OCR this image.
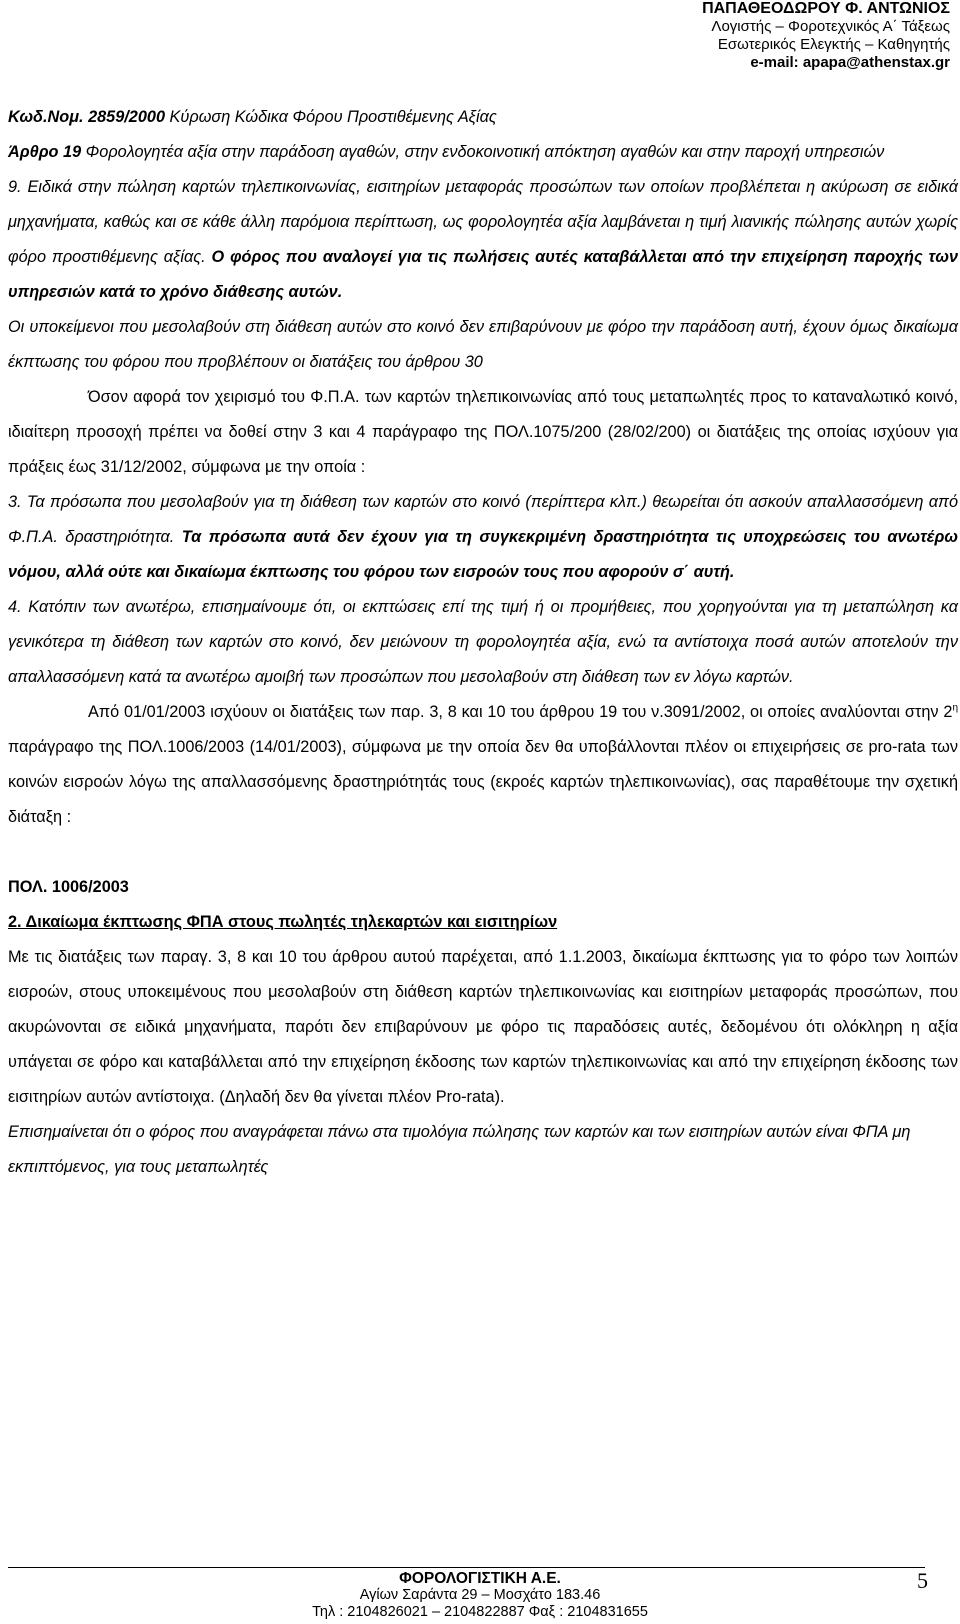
ΠΑΠΑΘΕΟΔΩΡΟΥ Φ. ΑΝΤΩΝΙΟΣ
Λογιστής – Φοροτεχνικός Α΄ Τάξεως
Εσωτερικός Ελεγκτής – Καθηγητής
e-mail: apapa@athenstax.gr

Κωδ.Νομ. 2859/2000 Κύρωση Κώδικα Φόρου Προστιθέμενης Αξίας

Άρθρο 19 Φορολογητέα αξία στην παράδοση αγαθών, στην ενδοκοινοτική απόκτηση αγαθών και στην παροχή υπηρεσιών

9. Ειδικά στην πώληση καρτών τηλεπικοινωνίας, εισιτηρίων μεταφοράς προσώπων των οποίων προβλέπεται η ακύρωση σε ειδικά μηχανήματα, καθώς και σε κάθε άλλη παρόμοια περίπτωση, ως φορολογητέα αξία λαμβάνεται η τιμή λιανικής πώλησης αυτών χωρίς φόρο προστιθέμενης αξίας. Ο φόρος που αναλογεί για τις πωλήσεις αυτές καταβάλλεται από την επιχείρηση παροχής των υπηρεσιών κατά το χρόνο διάθεσης αυτών.

Οι υποκείμενοι που μεσολαβούν στη διάθεση αυτών στο κοινό δεν επιβαρύνουν με φόρο την παράδοση αυτή, έχουν όμως δικαίωμα έκπτωσης του φόρου που προβλέπουν οι διατάξεις του άρθρου 30

Όσον αφορά τον χειρισμό του Φ.Π.Α. των καρτών τηλεπικοινωνίας από τους μεταπωλητές προς το καταναλωτικό κοινό, ιδιαίτερη προσοχή πρέπει να δοθεί στην 3 και 4 παράγραφο της ΠΟΛ.1075/200 (28/02/200) οι διατάξεις της οποίας ισχύουν για πράξεις έως 31/12/2002, σύμφωνα με την οποία :

3. Τα πρόσωπα που μεσολαβούν για τη διάθεση των καρτών στο κοινό (περίπτερα κλπ.) θεωρείται ότι ασκούν απαλλασσόμενη από Φ.Π.Α. δραστηριότητα. Τα πρόσωπα αυτά δεν έχουν για τη συγκεκριμένη δραστηριότητα τις υποχρεώσεις του ανωτέρω νόμου, αλλά ούτε και δικαίωμα έκπτωσης του φόρου των εισροών τους που αφορούν σ΄ αυτή.

4. Κατόπιν των ανωτέρω, επισημαίνουμε ότι, οι εκπτώσεις επί της τιμή ή οι προμήθειες, που χορηγούνται για τη μεταπώληση κα γενικότερα τη διάθεση των καρτών στο κοινό, δεν μειώνουν τη φορολογητέα αξία, ενώ τα αντίστοιχα ποσά αυτών αποτελούν την απαλλασσόμενη κατά τα ανωτέρω αμοιβή των προσώπων που μεσολαβούν στη διάθεση των εν λόγω καρτών.

Από 01/01/2003 ισχύουν οι διατάξεις των παρ. 3, 8 και 10 του άρθρου 19 του ν.3091/2002, οι οποίες αναλύονται στην $2^\eta$ παράγραφο της ΠΟΛ.1006/2003 (14/01/2003), σύμφωνα με την οποία δεν θα υποβάλλονται πλέον οι επιχειρήσεις σε pro-rata των κοινών εισροών λόγω της απαλλασσόμενης δραστηριότητάς τους (εκροές καρτών τηλεπικοινωνίας), σας παραθέτουμε την σχετική διάταξη :

ΠΟΛ. 1006/2003

2. Δικαίωμα έκπτωσης ΦΠΑ στους πωλητές τηλεκαρτών και εισιτηρίων

Με τις διατάξεις των παραγ. 3, 8 και 10 του άρθρου αυτού παρέχεται, από 1.1.2003, δικαίωμα έκπτωσης για το φόρο των λοιπών εισροών, στους υποκειμένους που μεσολαβούν στη διάθεση καρτών τηλεπικοινωνίας και εισιτηρίων μεταφοράς προσώπων, που ακυρώνονται σε ειδικά μηχανήματα, παρότι δεν επιβαρύνουν με φόρο τις παραδόσεις αυτές, δεδομένου ότι ολόκληρη η αξία υπάγεται σε φόρο και καταβάλλεται από την επιχείρηση έκδοσης των καρτών τηλεπικοινωνίας και από την επιχείρηση έκδοσης των εισιτηρίων αυτών αντίστοιχα. (Δηλαδή δεν θα γίνεται πλέον Pro-rata).

Επισημαίνεται ότι ο φόρος που αναγράφεται πάνω στα τιμολόγια πώλησης των καρτών και των εισιτηρίων αυτών είναι ΦΠΑ μη εκπιπτόμενος, για τους μεταπωλητές

5
ΦΟΡΟΛΟΓΙΣΤΙΚΗ Α.Ε.
Αγίων Σαράντα 29 – Μοσχάτο 183.46
Τηλ : 2104826021 – 2104822887 Φαξ : 2104831655
